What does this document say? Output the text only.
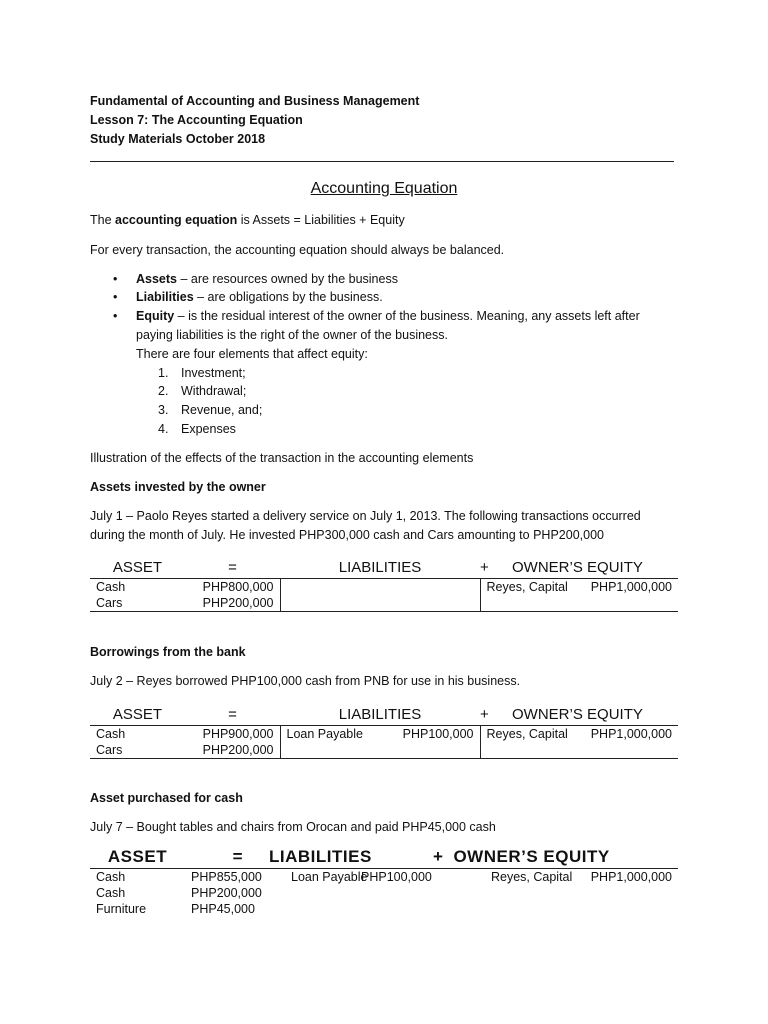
Fundamental of Accounting and Business Management
Lesson 7: The Accounting Equation
Study Materials October 2018
Accounting Equation
The accounting equation is Assets = Liabilities + Equity
For every transaction, the accounting equation should always be balanced.
• Assets – are resources owned by the business
• Liabilities – are obligations by the business.
• Equity – is the residual interest of the owner of the business. Meaning, any assets left after
paying liabilities is the right of the owner of the business.
There are four elements that affect equity:
1. Investment;
2. Withdrawal;
3. Revenue, and;
4. Expenses
Illustration of the effects of the transaction in the accounting elements
Assets invested by the owner
July 1 – Paolo Reyes started a delivery service on July 1, 2013. The following transactions occurred
during the month of July. He invested PHP300,000 cash and Cars amounting to PHP200,000
ASSET	=	LIABILITIES		+	OWNER’S EQUITY
Cash	PHP800,000			Reyes, Capital	PHP1,000,000
Cars	PHP200,000				
Borrowings from the bank
July 2 – Reyes borrowed PHP100,000 cash from PNB for use in his business.
ASSET	=	LIABILITIES		+	OWNER’S EQUITY
Cash	PHP900,000	Loan Payable	PHP100,000	Reyes, Capital	PHP1,000,000
Cars	PHP200,000				
Asset purchased for cash
July 7 – Bought tables and chairs from Orocan and paid PHP45,000 cash
ASSET	=	LIABILITIES		+ OWNER’S EQUITY	
Cash	PHP855,000	Loan Payable	PHP100,000	Reyes, Capital	PHP1,000,000
Cash	PHP200,000				
Furniture	PHP45,000				
